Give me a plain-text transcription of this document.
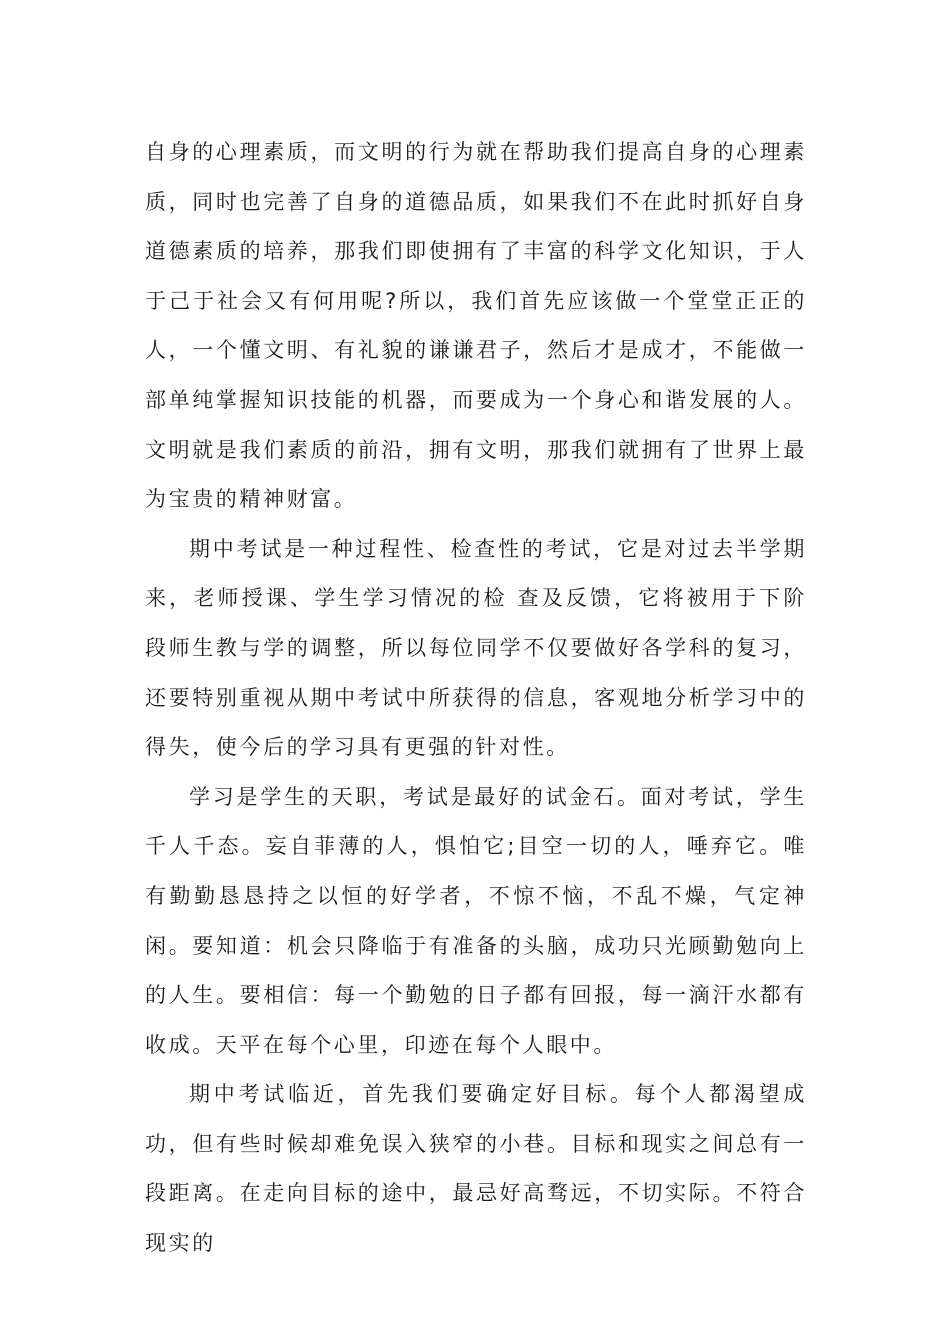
自身的心理素质，而文明的行为就在帮助我们提高自身的心理素质，同时也完善了自身的道德品质，如果我们不在此时抓好自身道德素质的培养，那我们即使拥有了丰富的科学文化知识，于人于己于社会又有何用呢?所以，我们首先应该做一个堂堂正正的人，一个懂文明、有礼貌的谦谦君子，然后才是成才，不能做一部单纯掌握知识技能的机器，而要成为一个身心和谐发展的人。文明就是我们素质的前沿，拥有文明，那我们就拥有了世界上最为宝贵的精神财富。

期中考试是一种过程性、检查性的考试，它是对过去半学期来，老师授课、学生学习情况的检 查及反馈，它将被用于下阶段师生教与学的调整，所以每位同学不仅要做好各学科的复习，还要特别重视从期中考试中所获得的信息，客观地分析学习中的得失，使今后的学习具有更强的针对性。

学习是学生的天职，考试是最好的试金石。面对考试，学生千人千态。妄自菲薄的人，惧怕它;目空一切的人，唾弃它。唯有勤勤恳恳持之以恒的好学者，不惊不恼，不乱不燥，气定神闲。要知道：机会只降临于有准备的头脑，成功只光顾勤勉向上的人生。要相信：每一个勤勉的日子都有回报，每一滴汗水都有收成。天平在每个心里，印迹在每个人眼中。

期中考试临近，首先我们要确定好目标。每个人都渴望成功，但有些时候却难免误入狭窄的小巷。目标和现实之间总有一段距离。在走向目标的途中，最忌好高骛远，不切实际。不符合现实的
